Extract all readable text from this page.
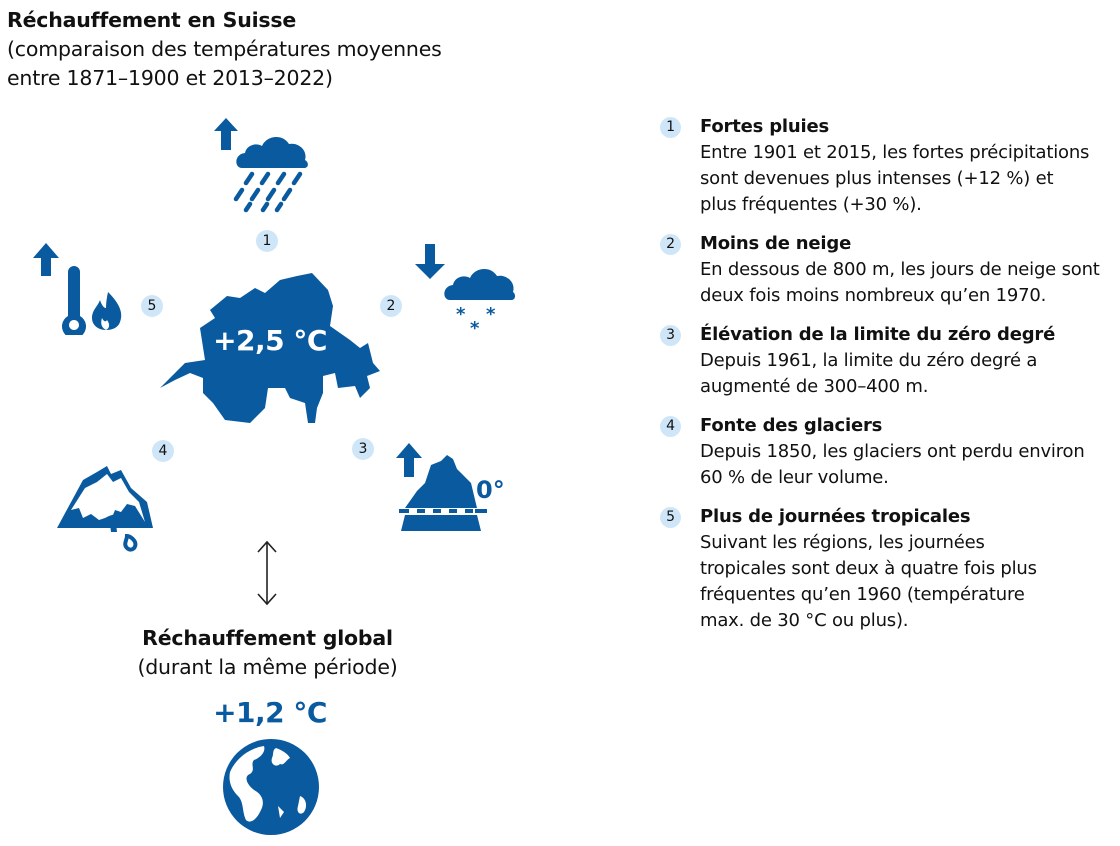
Réchauffement en Suisse
(comparaison des températures moyennes
entre 1871–1900 et 2013–2022)
1
5
+2,5 °C
2	* *
*
4	3
0°
Réchauffement global
(durant la même période)
+1,2 °C
1	Fortes pluies
Entre 1901 et 2015, les fortes précipitations sont devenues plus intenses (+12 %) et plus fréquentes (+30 %).
2	Moins de neige
En dessous de 800 m, les jours de neige sont deux fois moins nombreux qu’en 1970.
3	Élévation de la limite du zéro degré
Depuis 1961, la limite du zéro degré a augmenté de 300–400 m.
4	Fonte des glaciers
Depuis 1850, les glaciers ont perdu environ 60 % de leur volume.
5	Plus de journées tropicales
Suivant les régions, les journées tropicales sont deux à quatre fois plus fréquentes qu’en 1960 (température max. de 30 °C ou plus).
